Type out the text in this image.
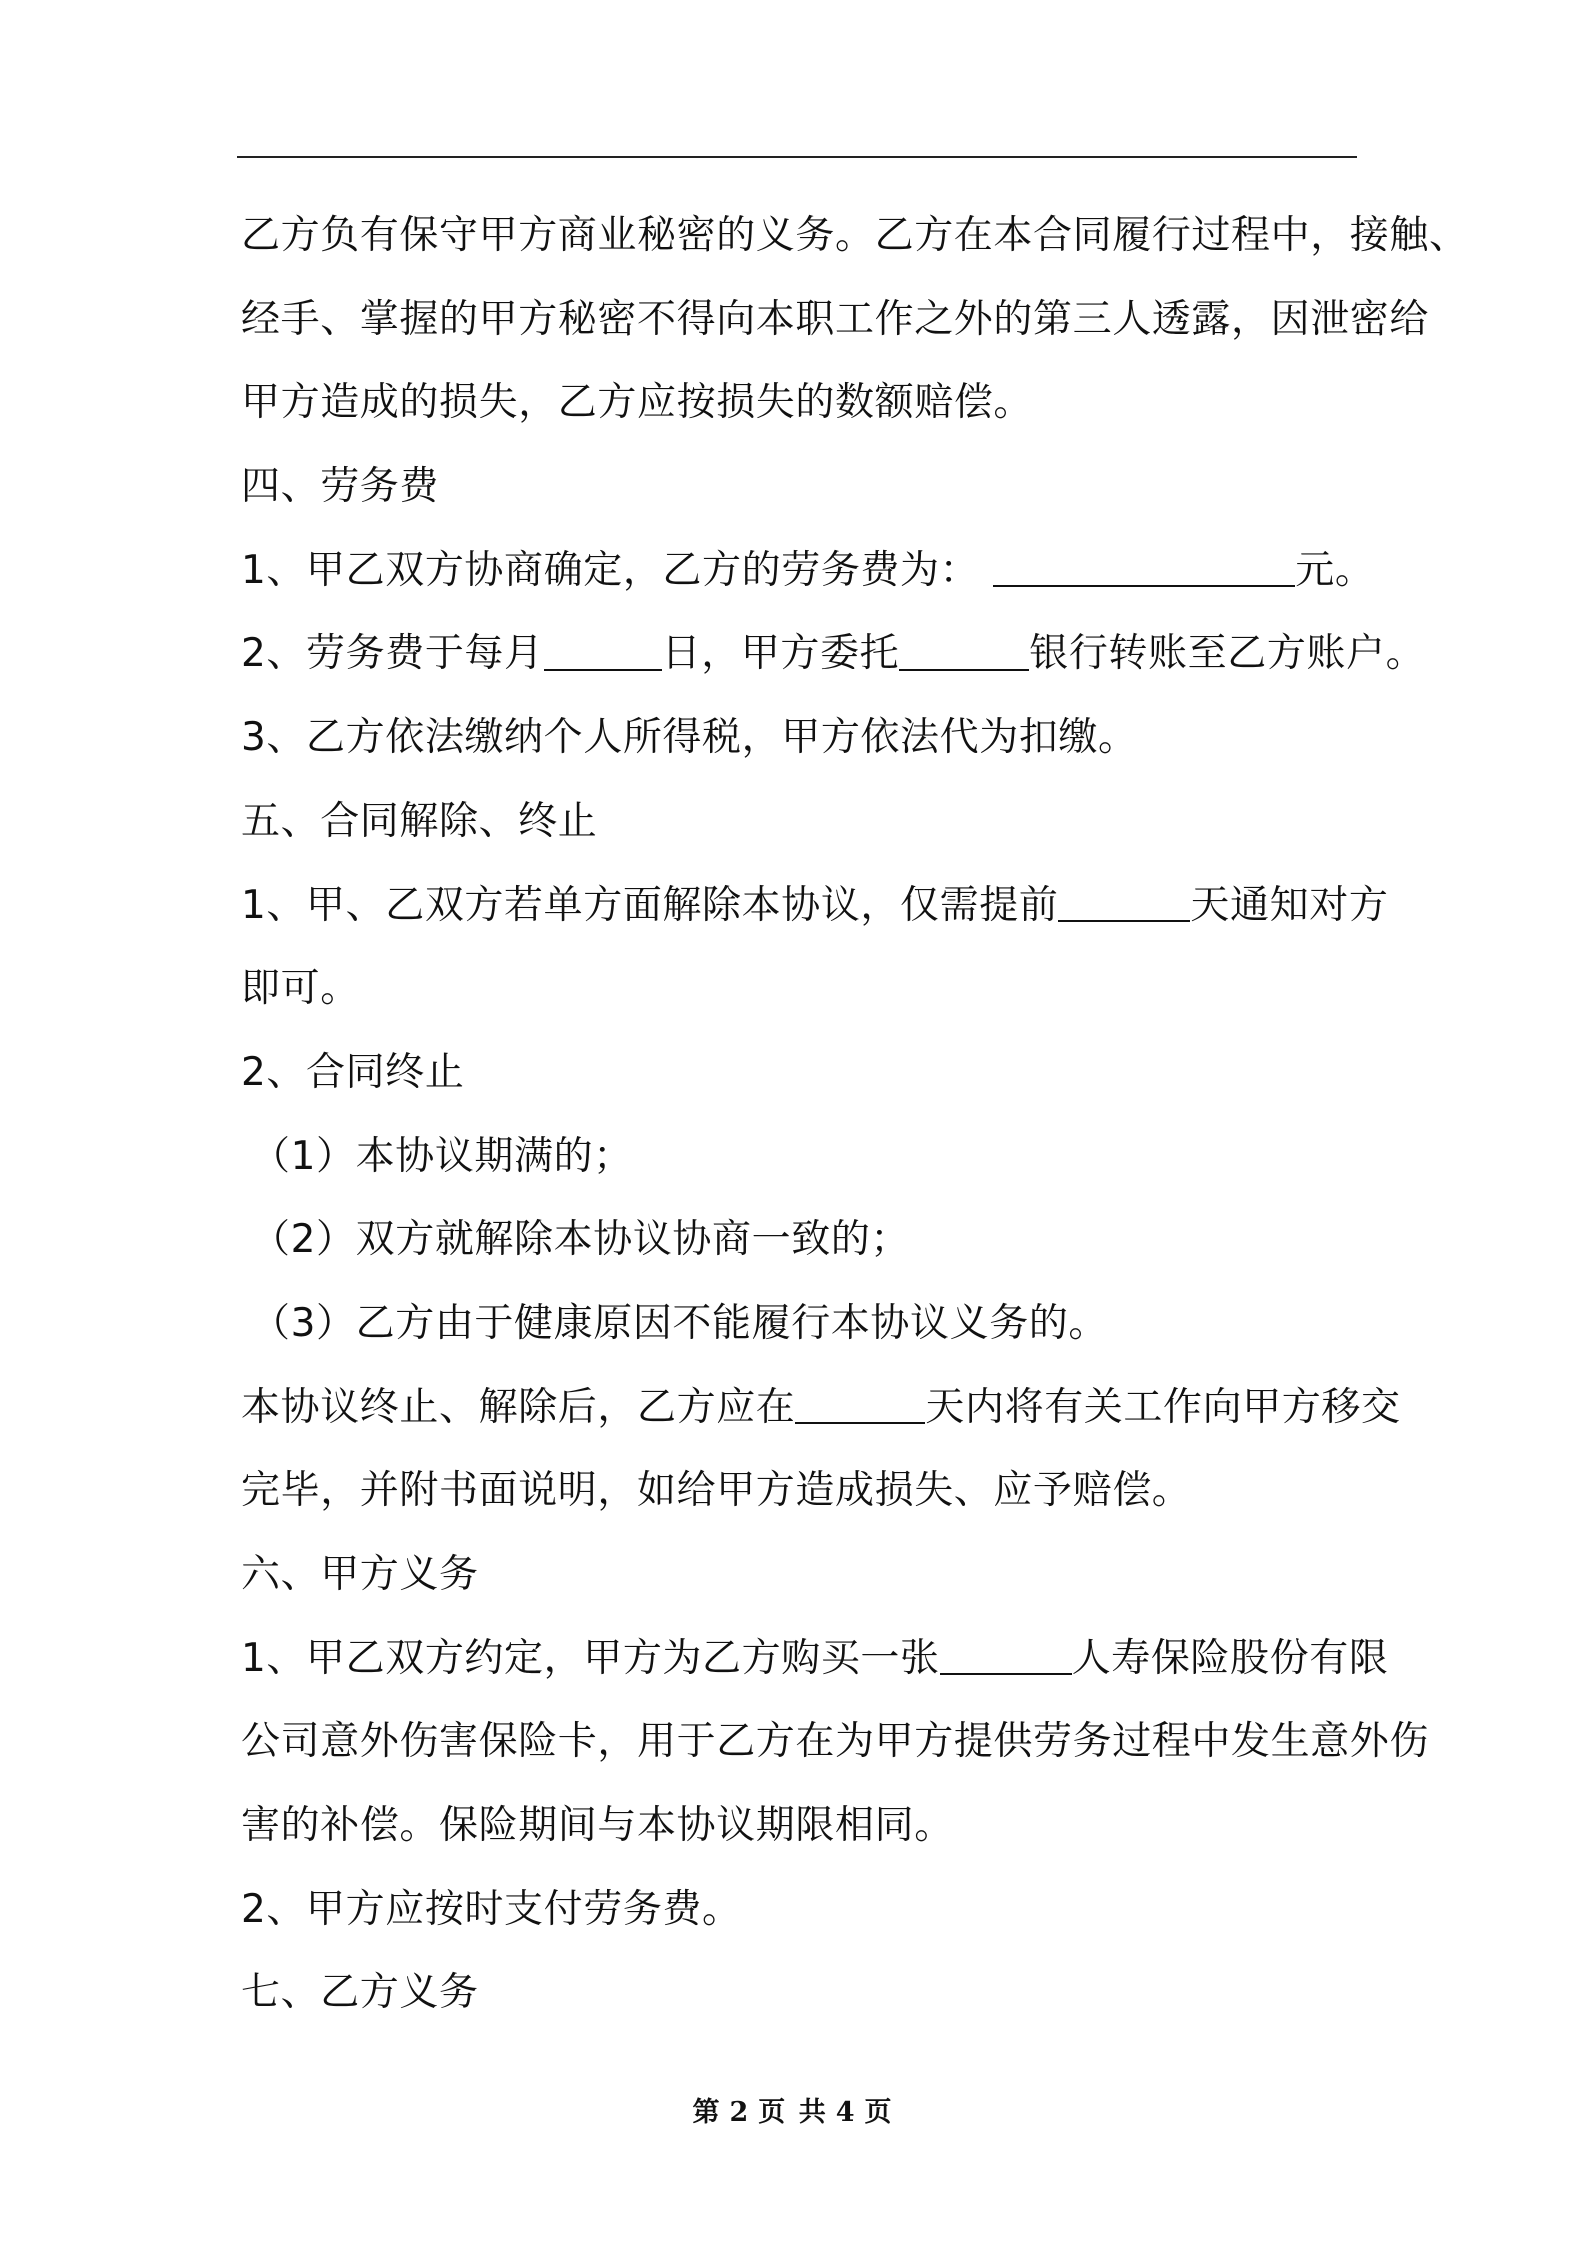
乙方负有保守甲方商业秘密的义务。乙方在本合同履行过程中，接触、
经手、掌握的甲方秘密不得向本职工作之外的第三人透露，因泄密给
甲方造成的损失，乙方应按损失的数额赔偿。
四、劳务费
1、甲乙双方协商确定，乙方的劳务费为：	元。
2、劳务费于每月	日，甲方委托	银行转账至乙方账户。
3、乙方依法缴纳个人所得税，甲方依法代为扣缴。
五、合同解除、终止
1、甲、乙双方若单方面解除本协议，仅需提前	天通知对方
即可。
2、合同终止
（1）本协议期满的；
（2）双方就解除本协议协商一致的；
（3）乙方由于健康原因不能履行本协议义务的。
本协议终止、解除后，乙方应在	天内将有关工作向甲方移交
完毕，并附书面说明，如给甲方造成损失、应予赔偿。
六、甲方义务
1、甲乙双方约定，甲方为乙方购买一张	人寿保险股份有限
公司意外伤害保险卡，用于乙方在为甲方提供劳务过程中发生意外伤
害的补偿。保险期间与本协议期限相同。
2、甲方应按时支付劳务费。
七、乙方义务
第 2 页 共 4 页
